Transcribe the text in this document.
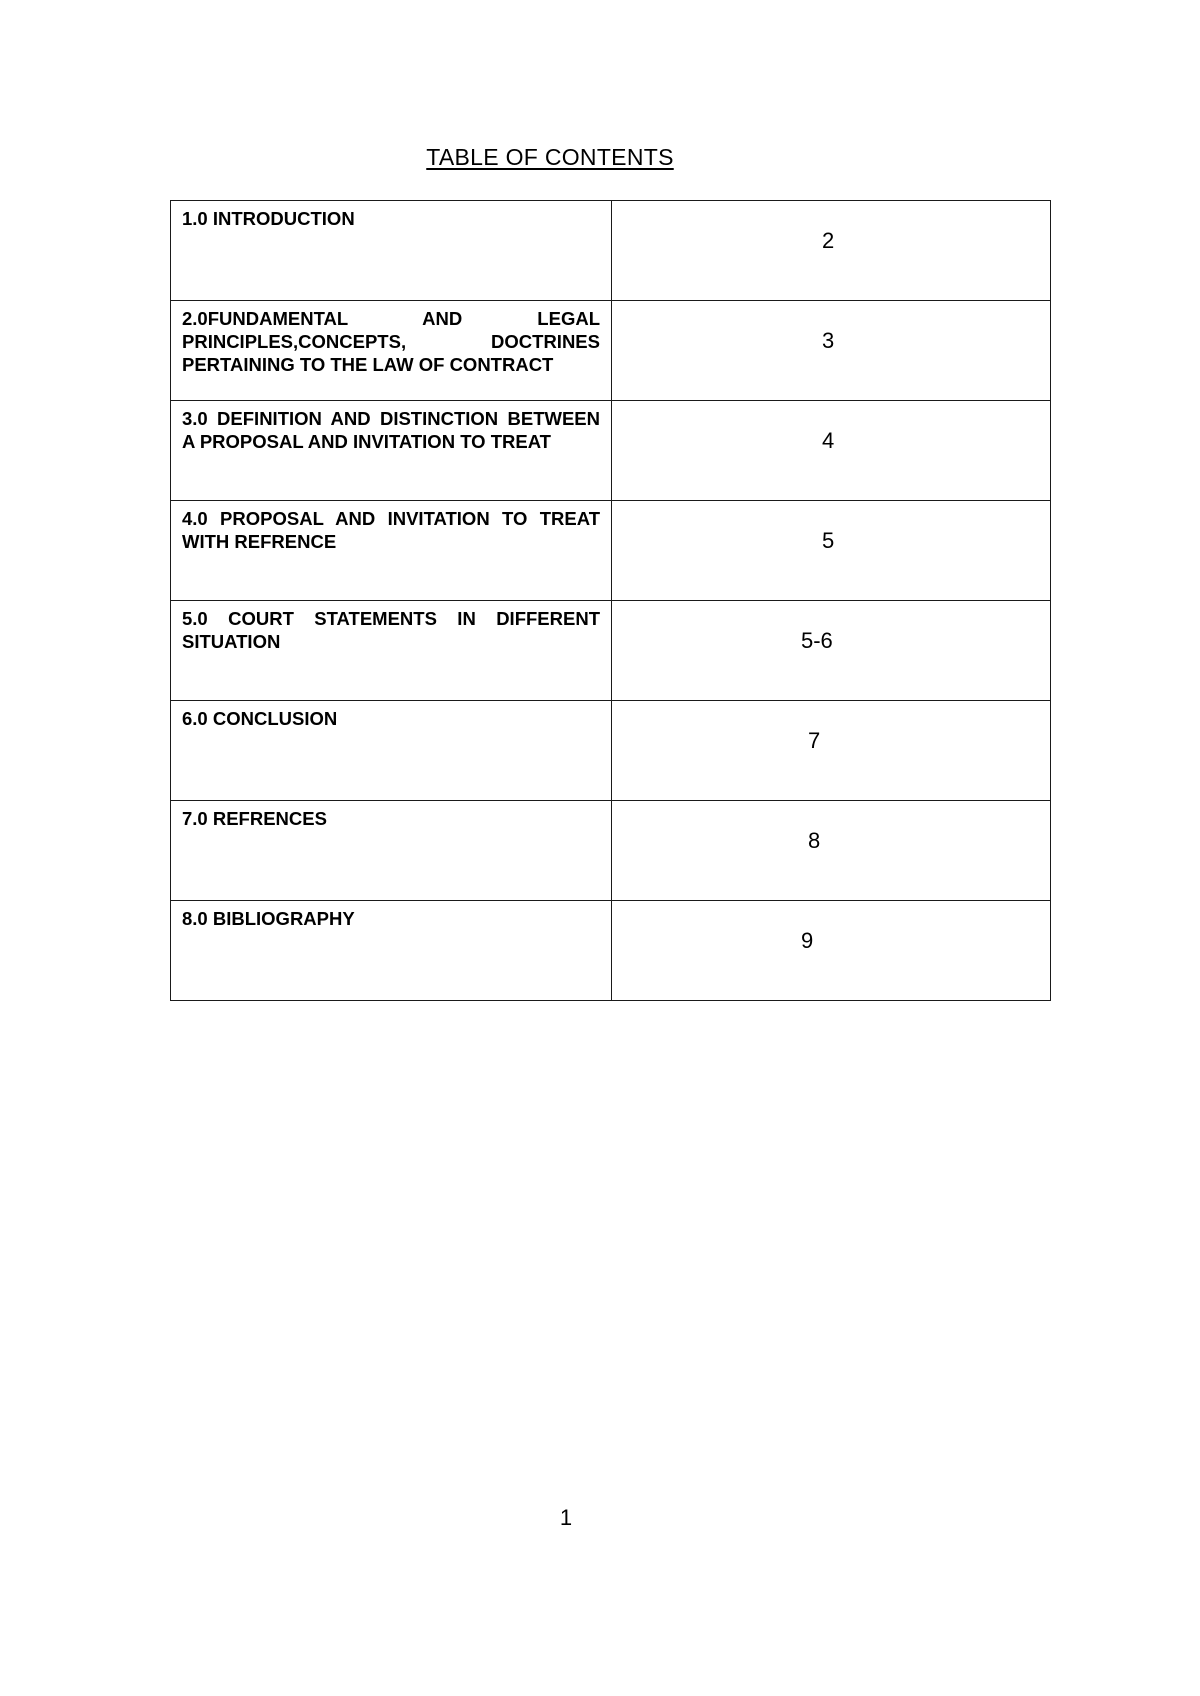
TABLE OF CONTENTS
1.0 INTRODUCTION	2

2.0FUNDAMENTAL AND LEGAL PRINCIPLES,CONCEPTS, DOCTRINES PERTAINING TO THE LAW OF CONTRACT	3

3.0 DEFINITION AND DISTINCTION BETWEEN A PROPOSAL AND INVITATION TO TREAT	4

4.0 PROPOSAL AND INVITATION TO TREAT WITH REFRENCE	5

5.0 COURT STATEMENTS IN DIFFERENT SITUATION	5-6

6.0 CONCLUSION	7

7.0 REFRENCES	8

8.0 BIBLIOGRAPHY	9
1
